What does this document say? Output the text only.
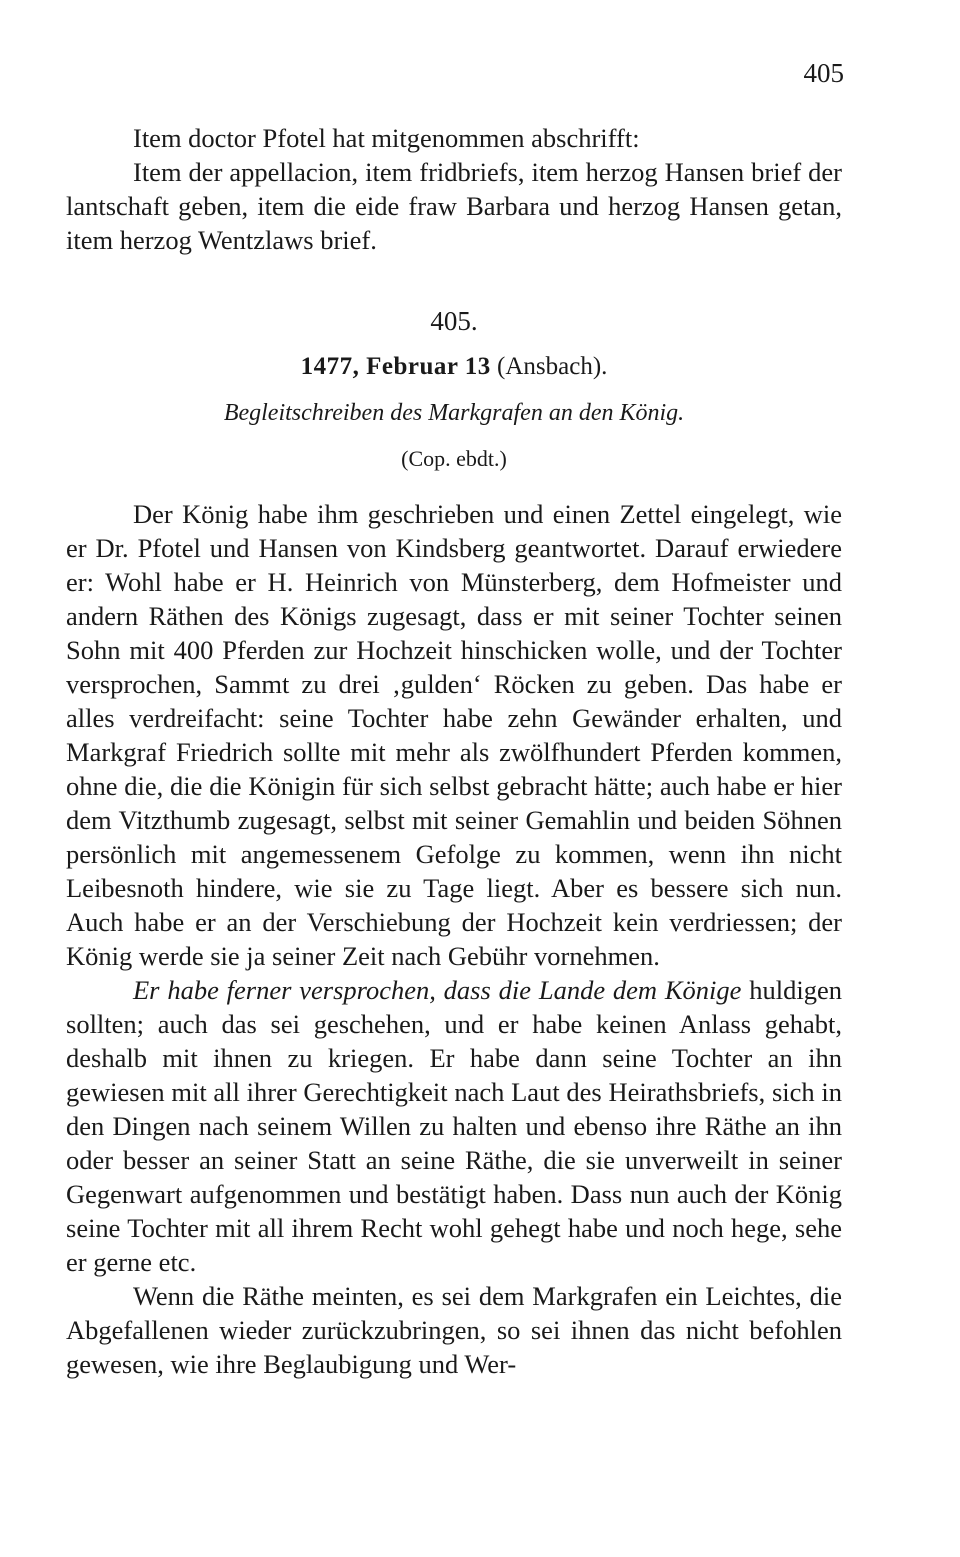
405

Item doctor Pfotel hat mitgenommen abschrifft:

Item der appellacion, item fridbriefs, item herzog Hansen brief der lantschaft geben, item die eide fraw Barbara und herzog Hansen getan, item herzog Wentzlaws brief.

405.
1477, Februar 13 (Ansbach).
Begleitschreiben des Markgrafen an den König.
(Cop. ebdt.)

Der König habe ihm geschrieben und einen Zettel eingelegt, wie er Dr. Pfotel und Hansen von Kindsberg geantwortet. Darauf erwiedere er: Wohl habe er H. Heinrich von Münsterberg, dem Hofmeister und andern Räthen des Königs zugesagt, dass er mit seiner Tochter seinen Sohn mit 400 Pferden zur Hochzeit hinschicken wolle, und der Tochter versprochen, Sammt zu drei ‚gulden‘ Röcken zu geben. Das habe er alles verdreifacht: seine Tochter habe zehn Gewänder erhalten, und Markgraf Friedrich sollte mit mehr als zwölfhundert Pferden kommen, ohne die, die die Königin für sich selbst gebracht hätte; auch habe er hier dem Vitzthumb zugesagt, selbst mit seiner Gemahlin und beiden Söhnen persönlich mit angemessenem Gefolge zu kommen, wenn ihn nicht Leibesnoth hindere, wie sie zu Tage liegt. Aber es bessere sich nun. Auch habe er an der Verschiebung der Hochzeit kein verdriessen; der König werde sie ja seiner Zeit nach Gebühr vornehmen.

Er habe ferner versprochen, dass die Lande dem Könige huldigen sollten; auch das sei geschehen, und er habe keinen Anlass gehabt, deshalb mit ihnen zu kriegen. Er habe dann seine Tochter an ihn gewiesen mit all ihrer Gerechtigkeit nach Laut des Heirathsbriefs, sich in den Dingen nach seinem Willen zu halten und ebenso ihre Räthe an ihn oder besser an seiner Statt an seine Räthe, die sie unverweilt in seiner Gegenwart aufgenommen und bestätigt haben. Dass nun auch der König seine Tochter mit all ihrem Recht wohl gehegt habe und noch hege, sehe er gerne etc.

Wenn die Räthe meinten, es sei dem Markgrafen ein Leichtes, die Abgefallenen wieder zurückzubringen, so sei ihnen das nicht befohlen gewesen, wie ihre Beglaubigung und Wer-
